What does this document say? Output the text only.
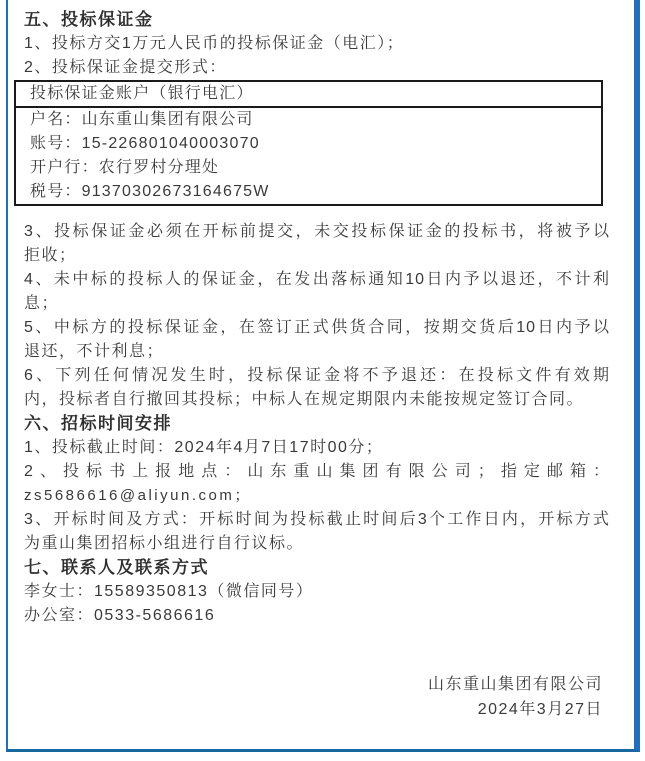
五、投标保证金
1、投标方交1万元人民币的投标保证金（电汇）；
2、投标保证金提交形式：
投标保证金账户（银行电汇）

户名：山东重山集团有限公司
账号：15-226801040003070
开户行：农行罗村分理处
税号：91370302673164675W
3、投标保证金必须在开标前提交，未交投标保证金的投标书，将被予以
拒收；
4、未中标的投标人的保证金，在发出落标通知10日内予以退还，不计利
息；
5、中标方的投标保证金，在签订正式供货合同，按期交货后10日内予以
退还，不计利息；
6、下列任何情况发生时，投标保证金将不予退还：在投标文件有效期
内，投标者自行撤回其投标；中标人在规定期限内未能按规定签订合同。
六、招标时间安排
1、投标截止时间：2024年4月7日17时00分；
2、投标书上报地点：山东重山集团有限公司；指定邮箱：
zs5686616@aliyun.com；
3、开标时间及方式：开标时间为投标截止时间后3个工作日内，开标方式
为重山集团招标小组进行自行议标。
七、联系人及联系方式
李女士：15589350813（微信同号）
办公室：0533-5686616
山东重山集团有限公司
2024年3月27日
